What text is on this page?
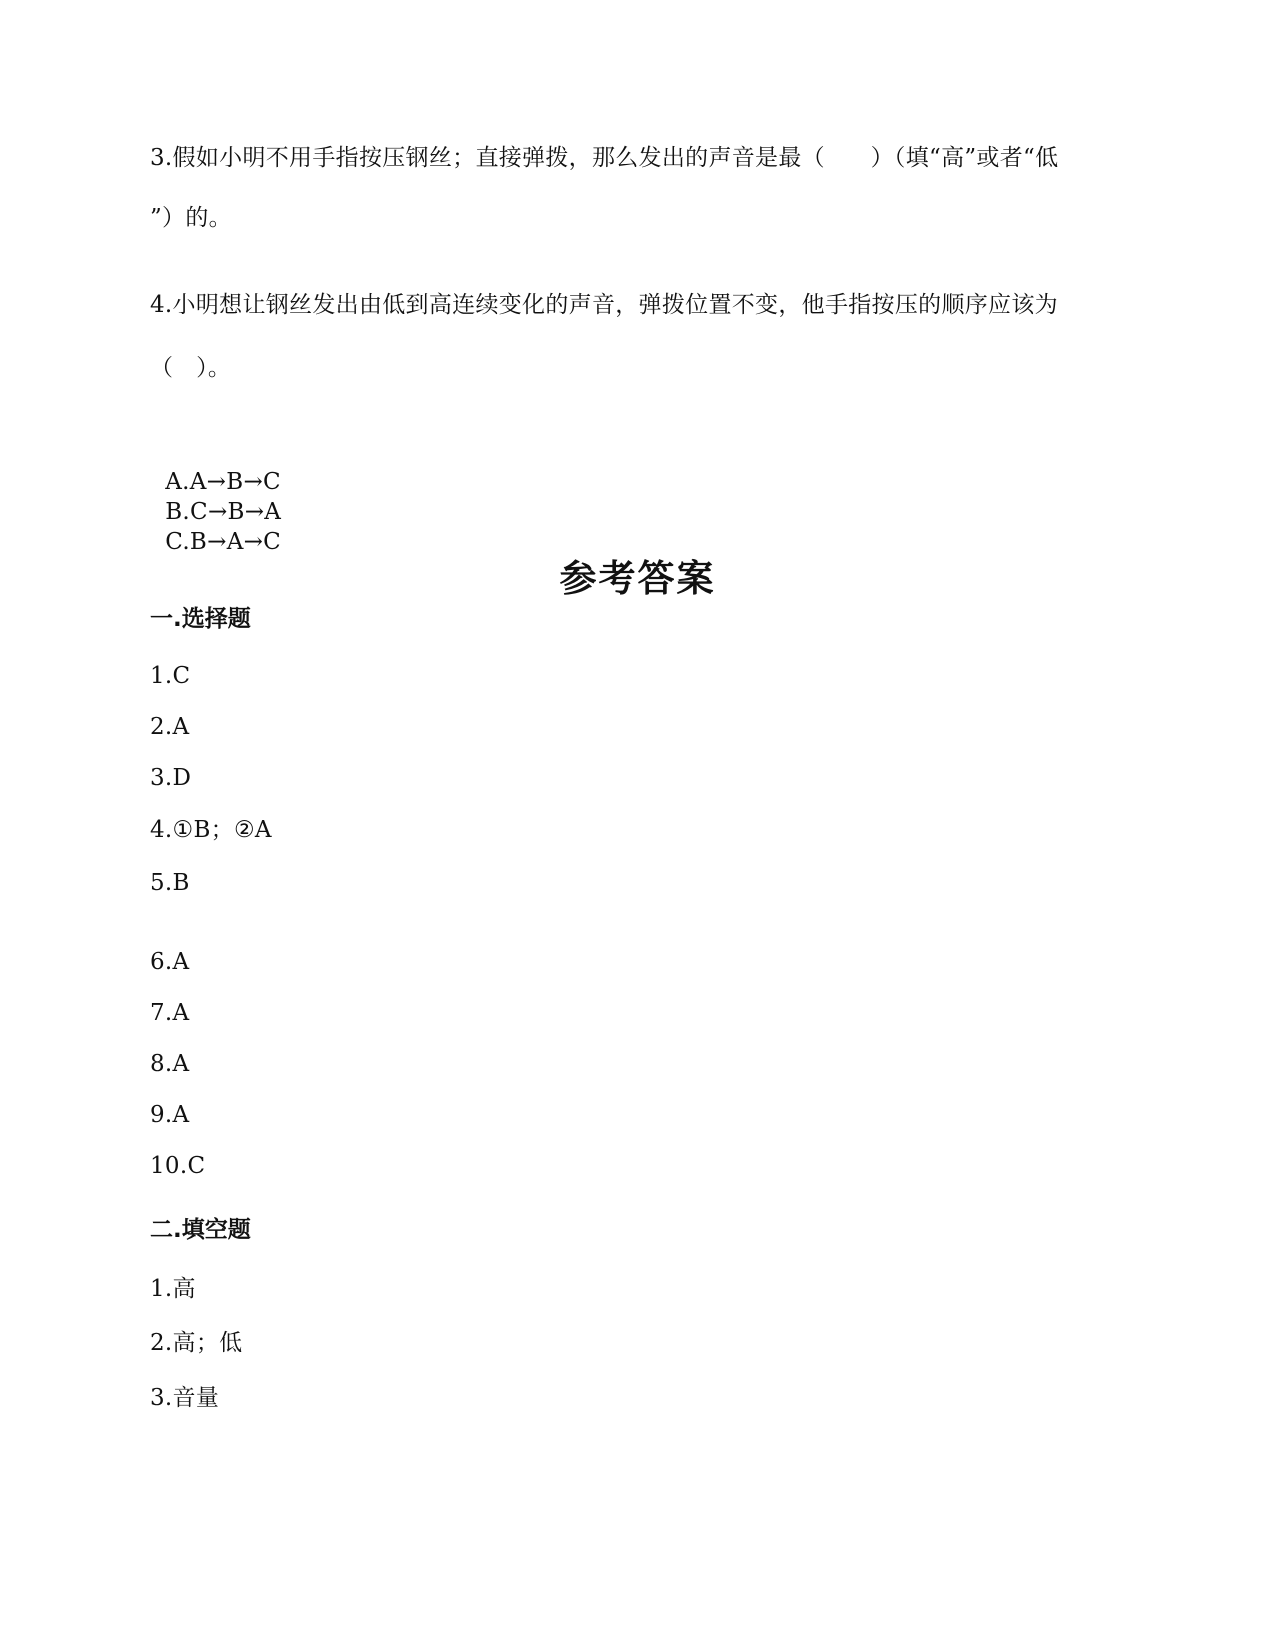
3.假如小明不用手指按压钢丝；直接弹拨，那么发出的声音是最（      ）（填“高”或者“低
”）的。
4.小明想让钢丝发出由低到高连续变化的声音，弹拨位置不变，他手指按压的顺序应该为
（   ）。

A.A→B→C
B.C→B→A
C.B→A→C

参考答案
一.选择题
1.C
2.A
3.D
4.①B；②A
5.B
6.A
7.A
8.A
9.A
10.C
二.填空题
1.高
2.高；低
3.音量
